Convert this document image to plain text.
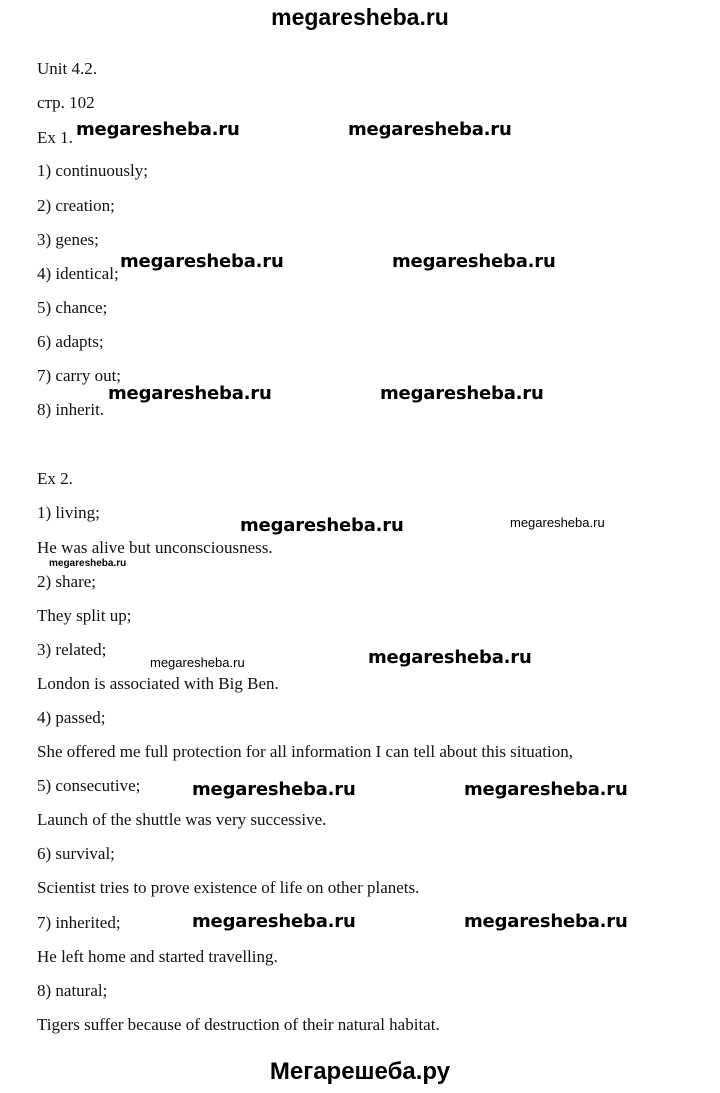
megaresheba.ru
Unit 4.2.
стр. 102
Ex 1.
1) continuously;
2) creation;
3) genes;
4) identical;
5) chance;
6) adapts;
7) carry out;
8) inherit.
Ex 2.
1) living;
He was alive but unconsciousness.
2) share;
They split up;
3) related;
London is associated with Big Ben.
4) passed;
She offered me full protection for all information I can tell about this situation,
5) consecutive;
Launch of the shuttle was very successive.
6) survival;
Scientist tries to prove existence of life on other planets.
7) inherited;
He left home and started travelling.
8) natural;
Tigers suffer because of destruction of their natural habitat.
megaresheba.ru	megaresheba.ru
megaresheba.ru	megaresheba.ru
megaresheba.ru	megaresheba.ru
megaresheba.ru	megaresheba.ru
megaresheba.ru
megaresheba.ru	megaresheba.ru
megaresheba.ru	megaresheba.ru
megaresheba.ru	megaresheba.ru
Мегарешеба.ру
